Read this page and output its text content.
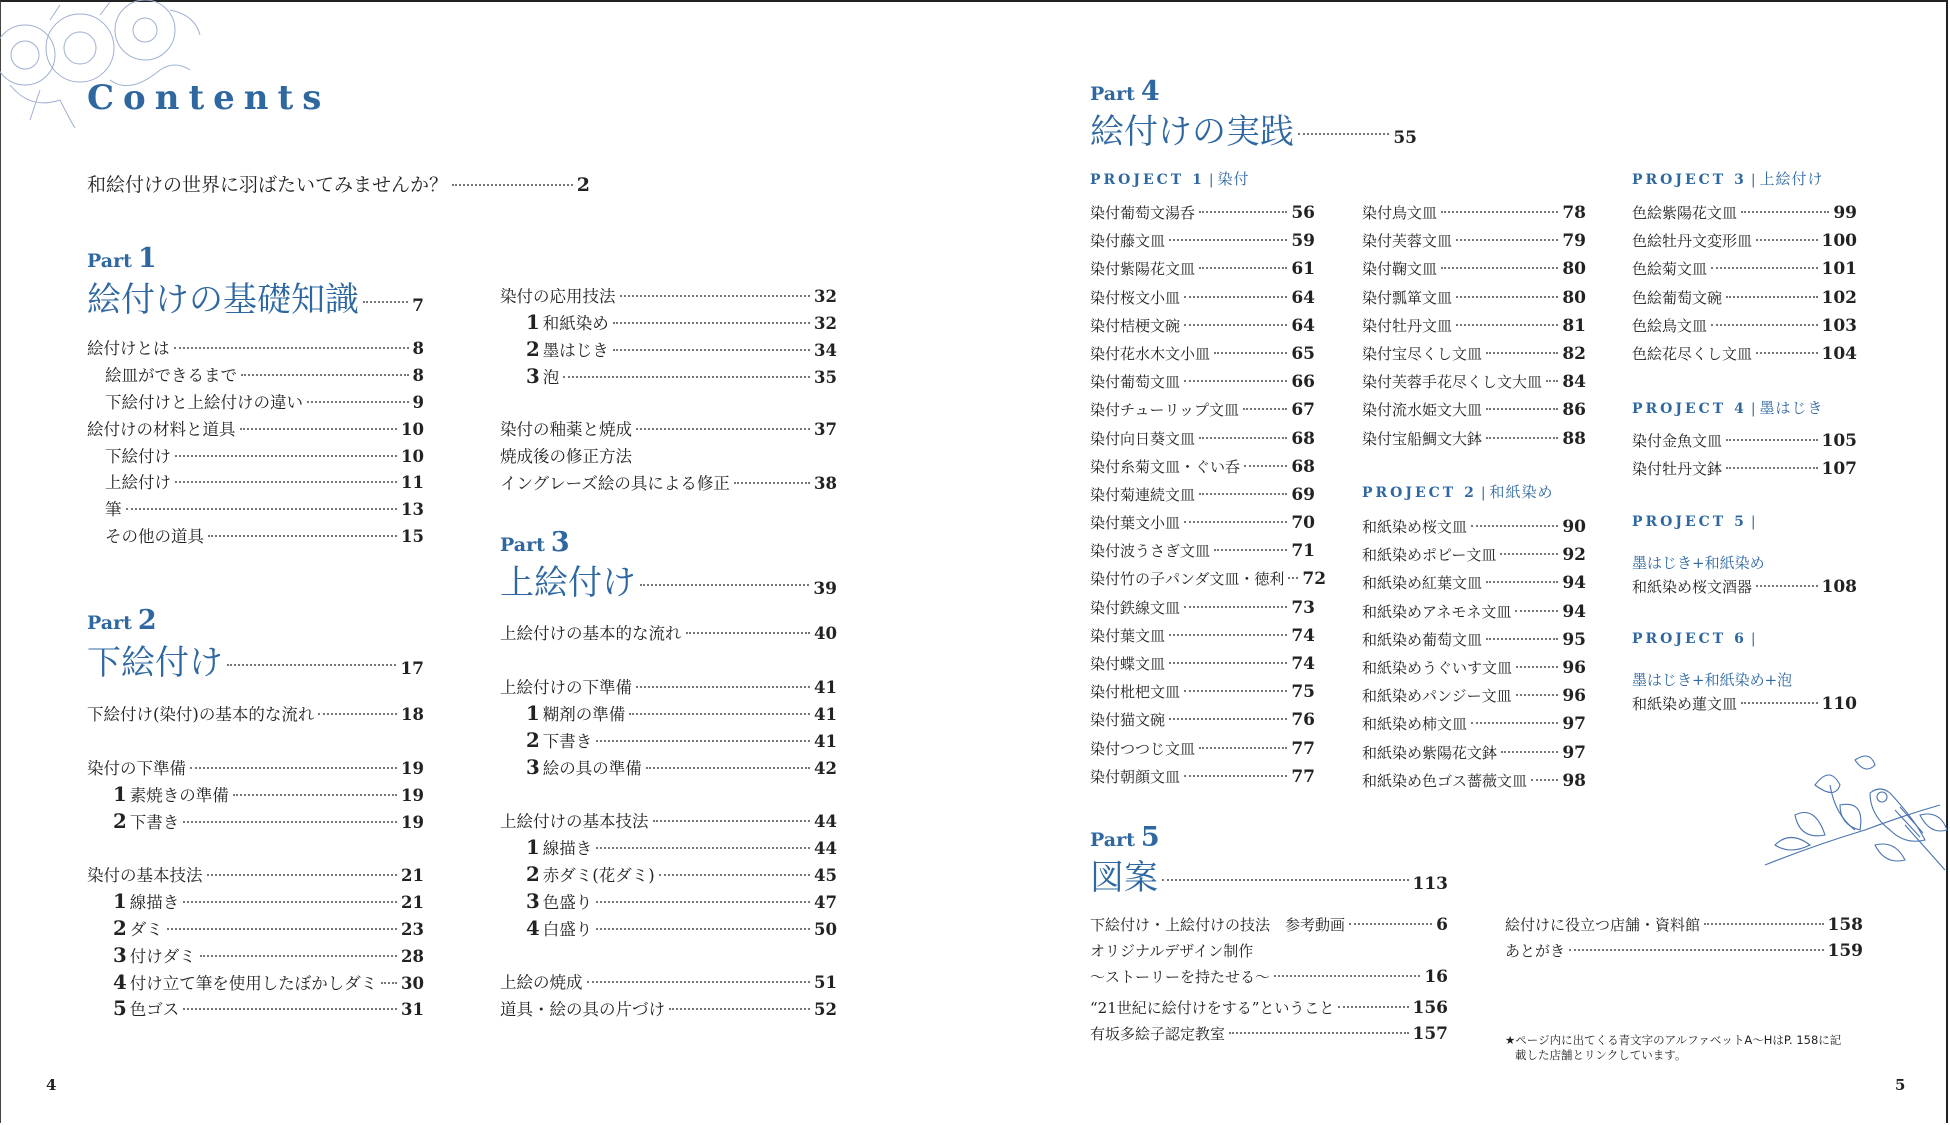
Contents
和絵付けの世界に羽ばたいてみませんか？	2
Part 1
絵付けの基礎知識	7
絵付けとは	8
絵皿ができるまで	8
下絵付けと上絵付けの違い	9
絵付けの材料と道具	10
下絵付け	10
上絵付け	11
筆	13
その他の道具	15
Part 2
下絵付け	17
下絵付け(染付)の基本的な流れ	18
染付の下準備	19
1 素焼きの準備	19
2 下書き	19
染付の基本技法	21
1 線描き	21
2 ダミ	23
3 付けダミ	28
4 付け立て筆を使用したぼかしダミ 30
5 色ゴス	31
染付の応用技法	32
1 和紙染め	32
2 墨はじき	34
3 泡	35
染付の釉薬と焼成	37
焼成後の修正方法
イングレーズ絵の具による修正	38
Part 3
上絵付け	39
上絵付けの基本的な流れ	40
上絵付けの下準備	41
1 糊剤の準備	41
2 下書き	41
3 絵の具の準備	42
上絵付けの基本技法	44
1 線描き	44
2 赤ダミ(花ダミ)	45
3 色盛り	47
4 白盛り	50
上絵の焼成	51
道具・絵の具の片づけ	52
4
Part 4
絵付けの実践	55
PROJECT 1 | 染付
染付葡萄文湯呑	56
染付藤文皿	59
染付紫陽花文皿	61
染付桜文小皿	64
染付桔梗文碗	64
染付花水木文小皿	65
染付葡萄文皿	66
染付チューリップ文皿	67
染付向日葵文皿	68
染付糸菊文皿・ぐい呑	68
染付菊連続文皿	69
染付葉文小皿	70
染付波うさぎ文皿	71
染付竹の子パンダ文皿・徳利 72
染付鉄線文皿	73
染付葉文皿	74
染付蝶文皿	74
染付枇杷文皿	75
染付猫文碗	76
染付つつじ文皿	77
染付朝顔文皿	77
染付鳥文皿	78
染付芙蓉文皿	79
染付鞠文皿	80
染付瓢箪文皿	80
染付牡丹文皿	81
染付宝尽くし文皿	82
染付芙蓉手花尽くし文大皿 84
染付流水姫文大皿	86
染付宝船鯛文大鉢	88
PROJECT 2 | 和紙染め
和紙染め桜文皿	90
和紙染めポピー文皿	92
和紙染め紅葉文皿	94
和紙染めアネモネ文皿	94
和紙染め葡萄文皿	95
和紙染めうぐいす文皿	96
和紙染めパンジー文皿	96
和紙染め柿文皿	97
和紙染め紫陽花文鉢	97
和紙染め色ゴス薔薇文皿 98
PROJECT 3 | 上絵付け
色絵紫陽花文皿	99
色絵牡丹文変形皿	100
色絵菊文皿	101
色絵葡萄文碗	102
色絵鳥文皿	103
色絵花尽くし文皿	104
PROJECT 4 | 墨はじき
染付金魚文皿	105
染付牡丹文鉢	107
PROJECT 5 |
墨はじき+和紙染め
和紙染め桜文酒器	108
PROJECT 6 |
墨はじき+和紙染め+泡
和紙染め蓮文皿	110
Part 5
図案	113
下絵付け・上絵付けの技法　参考動画	6
オリジナルデザイン制作
～ストーリーを持たせる～	16
“21世紀に絵付けをする”ということ	156
有坂多絵子認定教室	157
絵付けに役立つ店舗・資料館	158
あとがき	159
★ページ内に出てくる青文字のアルファベットA～HはP. 158に記
載した店舗とリンクしています。
5
